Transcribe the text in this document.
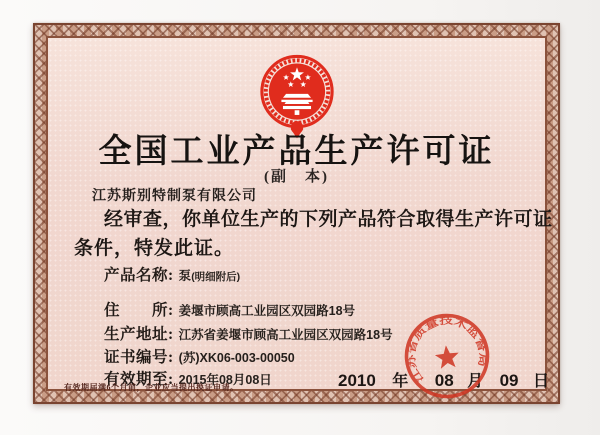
全国工业产品生产许可证
(副　本)
江苏斯别特制泵有限公司
经审查，你单位生产的下列产品符合取得生产许可证
条件，特发此证。
产品名称: 泵 (明细附后)
住　　所: 姜堰市顾高工业园区双园路18号
生产地址: 江苏省姜堰市顾高工业园区双园路18号
证书编号: (苏)XK06-003-00050
有效期至: 2015年08月08日	2010 年 08 月 09 日
江苏省质量技术监督局
有效期届满6个月前，企业应当提出换证申请。
